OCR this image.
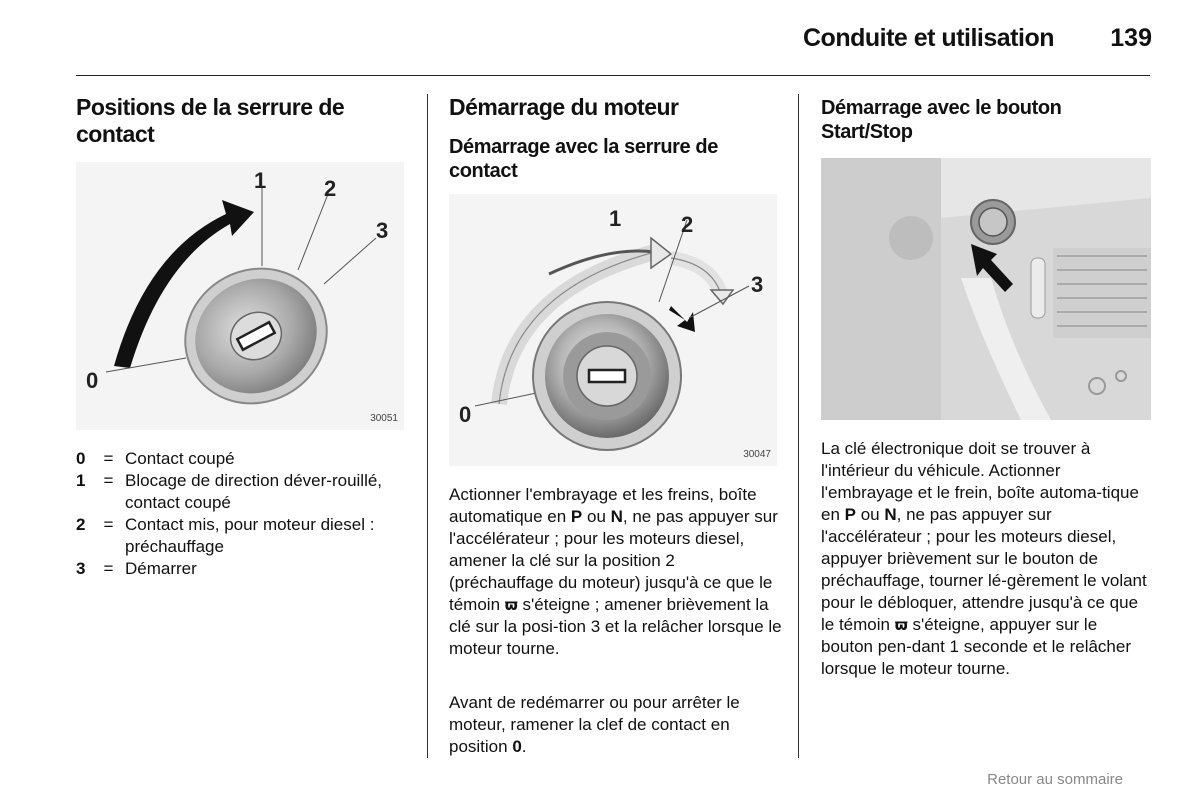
Conduite et utilisation 139
Positions de la serrure de contact
0
1	2
3
30051
0	= Contact coupé
1	= Blocage de direction déver-rouillé, contact coupé
2	= Contact mis, pour moteur diesel : préchauffage
3	= Démarrer
Démarrage du moteur
Démarrage avec la serrure de contact
0
1	2
3
30047

Actionner l'embrayage et les freins, boîte automatique en P ou N, ne pas appuyer sur l'accélérateur ; pour les moteurs diesel, amener la clé sur la position 2 (préchauffage du moteur) jusqu'à ce que le témoin ϖ s'éteigne ; amener brièvement la clé sur la posi-tion 3 et la relâcher lorsque le moteur tourne.

Avant de redémarrer ou pour arrêter le moteur, ramener la clef de contact en position 0.

Démarrage avec le bouton Start/Stop

La clé électronique doit se trouver à l'intérieur du véhicule. Actionner l'embrayage et le frein, boîte automa-tique en P ou N, ne pas appuyer sur l'accélérateur ; pour les moteurs diesel, appuyer brièvement sur le bouton de préchauffage, tourner lé-gèrement le volant pour le débloquer, attendre jusqu'à ce que le témoin ϖ s'éteigne, appuyer sur le bouton pen-dant 1 seconde et le relâcher lorsque le moteur tourne.

Retour au sommaire
